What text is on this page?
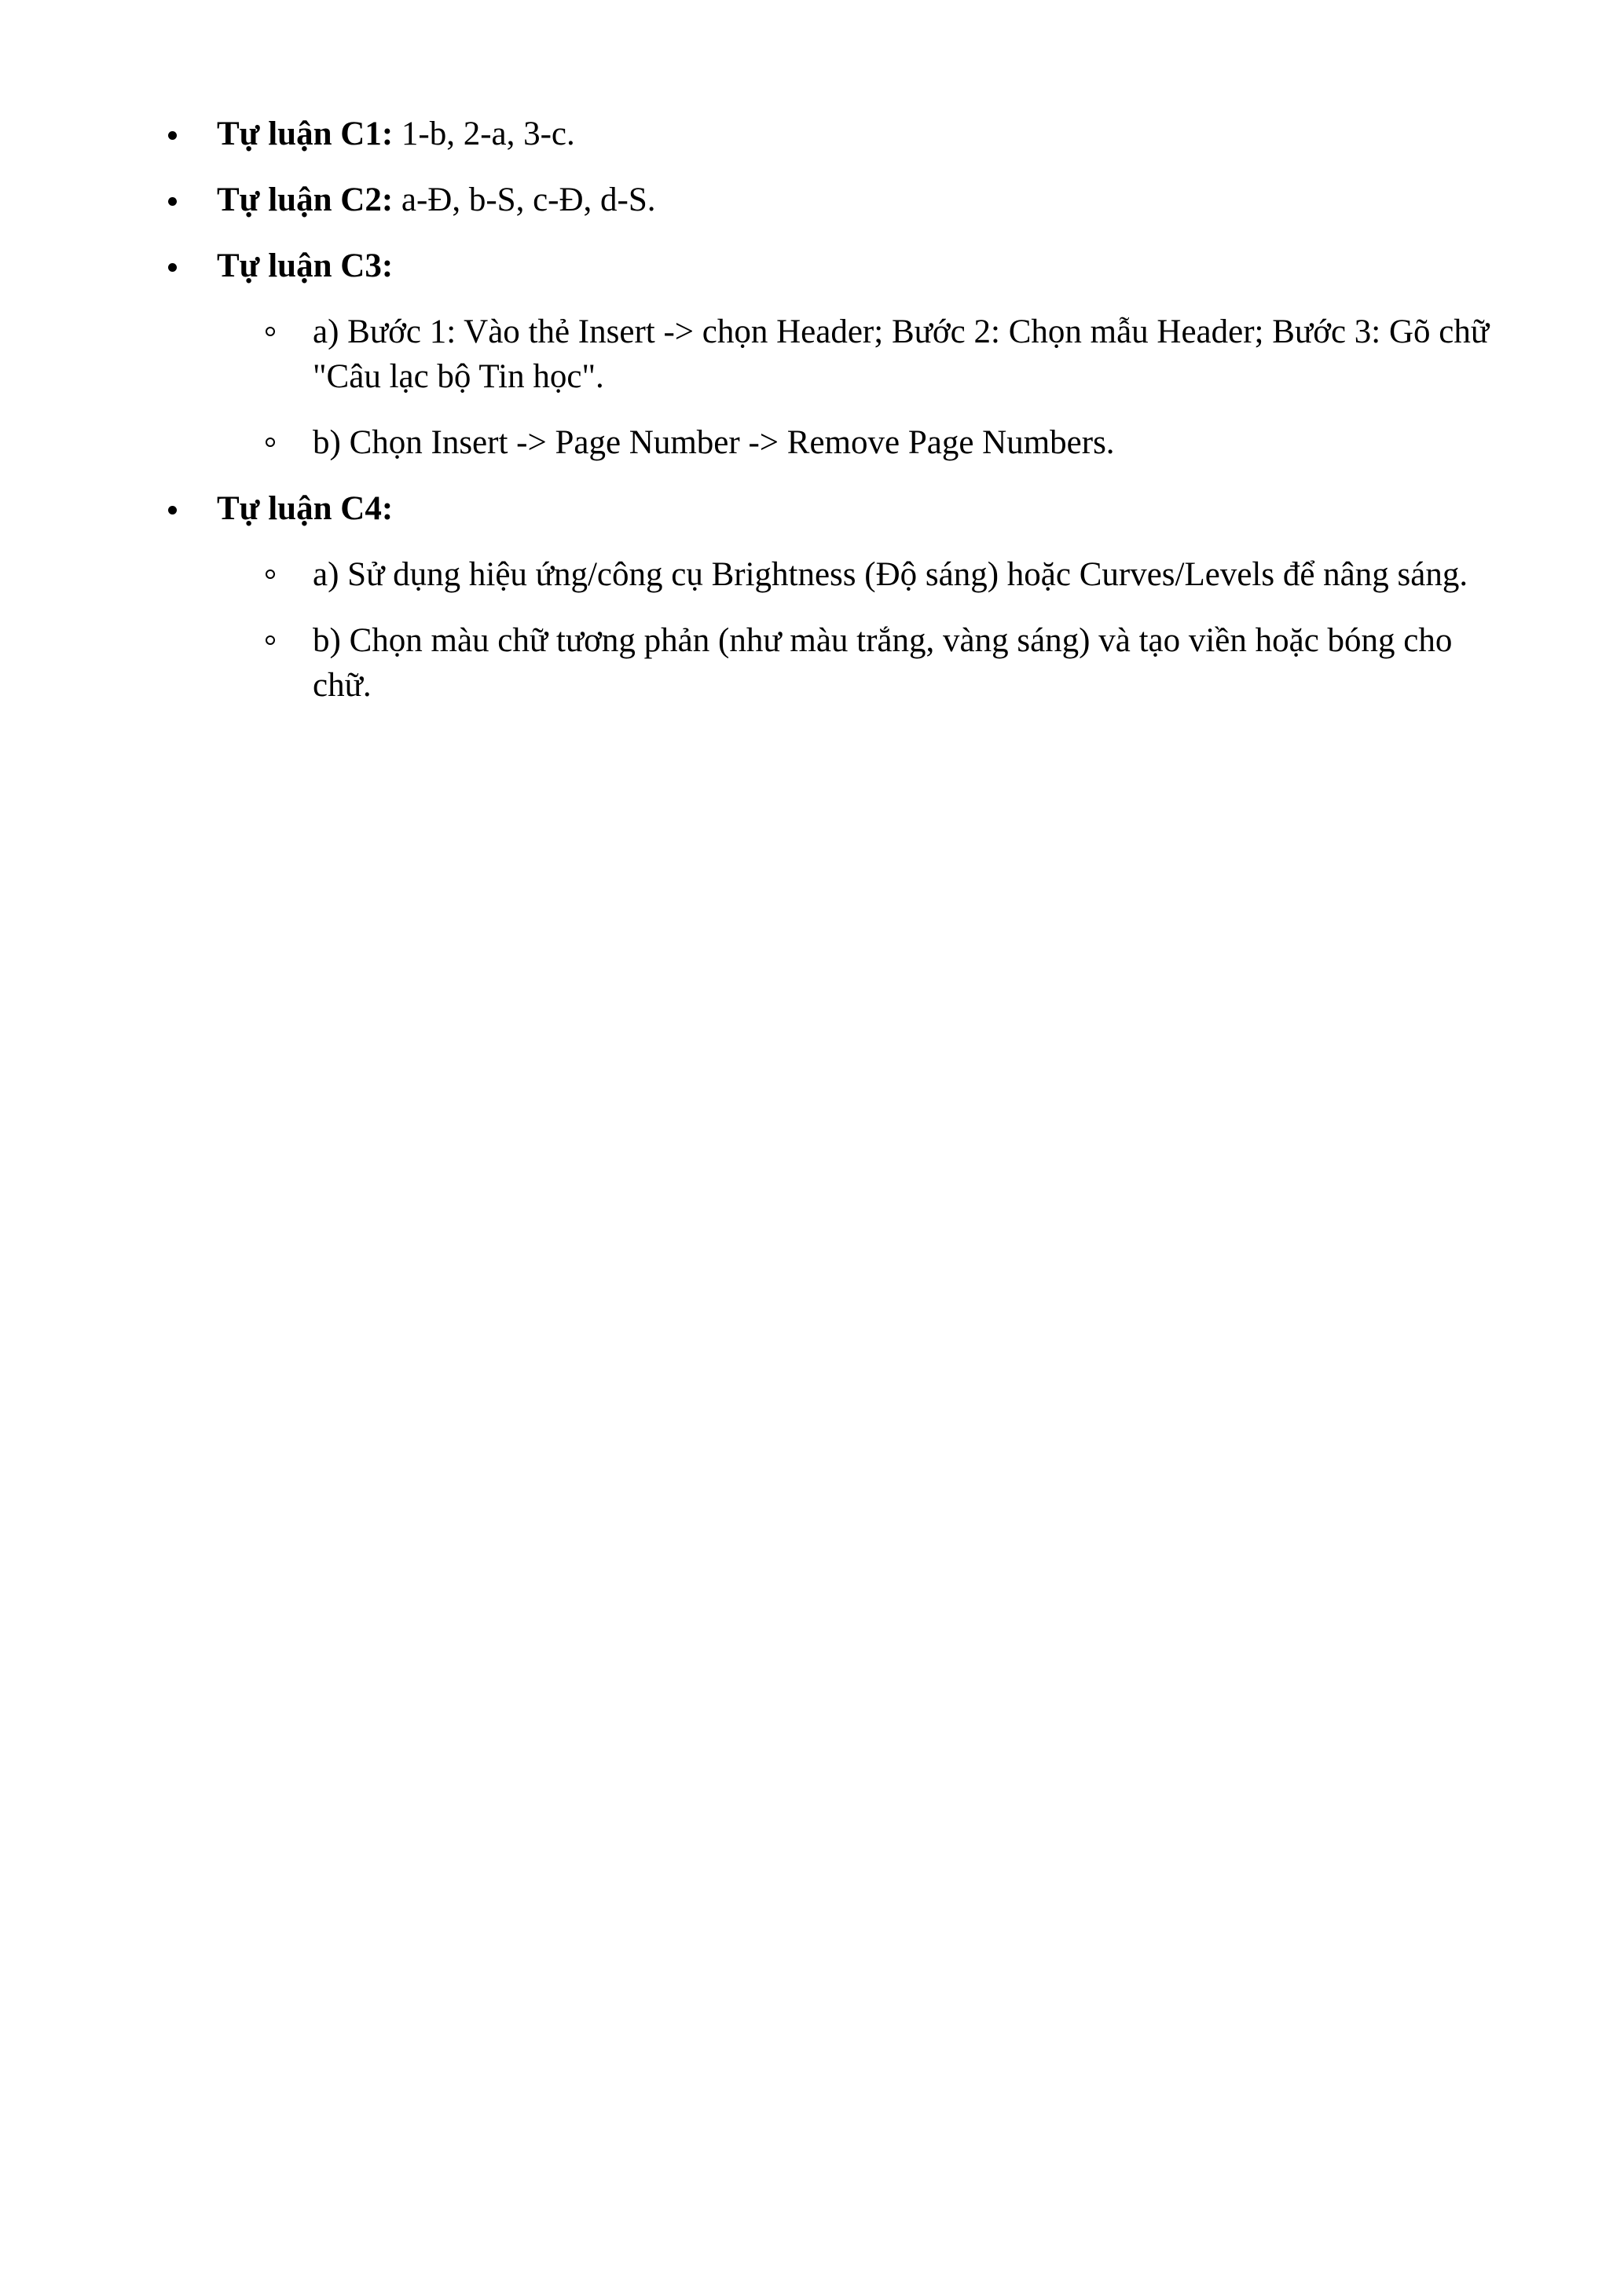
Tự luận C1: 1-b, 2-a, 3-c.
Tự luận C2: a-Đ, b-S, c-Đ, d-S.
Tự luận C3:
a) Bước 1: Vào thẻ Insert -> chọn Header; Bước 2: Chọn mẫu Header; Bước 3: Gõ chữ "Câu lạc bộ Tin học".
b) Chọn Insert -> Page Number -> Remove Page Numbers.
Tự luận C4:
a) Sử dụng hiệu ứng/công cụ Brightness (Độ sáng) hoặc Curves/Levels để nâng sáng.
b) Chọn màu chữ tương phản (như màu trắng, vàng sáng) và tạo viền hoặc bóng cho chữ.
